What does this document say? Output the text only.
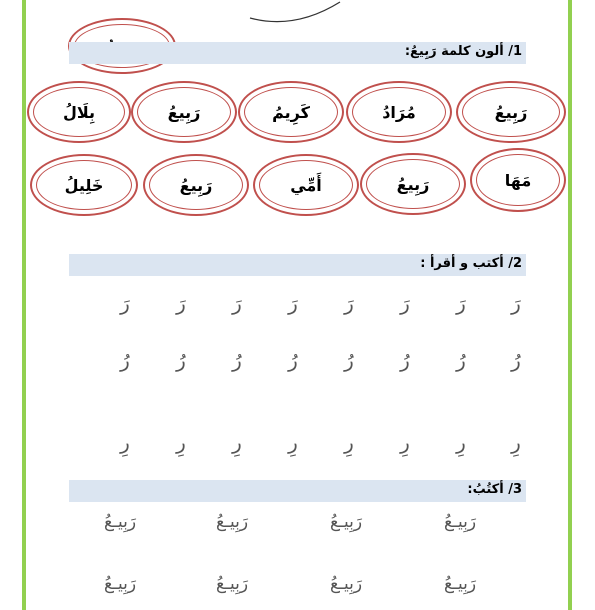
1/ ألون كلمة رَبِيعُ:
رَبِيعُ
مُرَادُ
كَرِيمُ
رَبِيعُ
بِلَالُ
مَهَا
رَبِيعُ
أَمِّي
رَبِيعُ
خَلِيلُ
2/ أكتب و أقرأ :
رَ
رَ
رَ
رَ
رَ
رَ
رَ
رَ
رُ
رُ
رُ
رُ
رُ
رُ
رُ
رُ
رِ
رِ
رِ
رِ
رِ
رِ
رِ
رِ
3/ أكتُبُ:
رَبِيـعُ
رَبِيـعُ
رَبِيـعُ
رَبِيـعُ
رَبِيـعُ
رَبِيـعُ
رَبِيـعُ
رَبِيـعُ
